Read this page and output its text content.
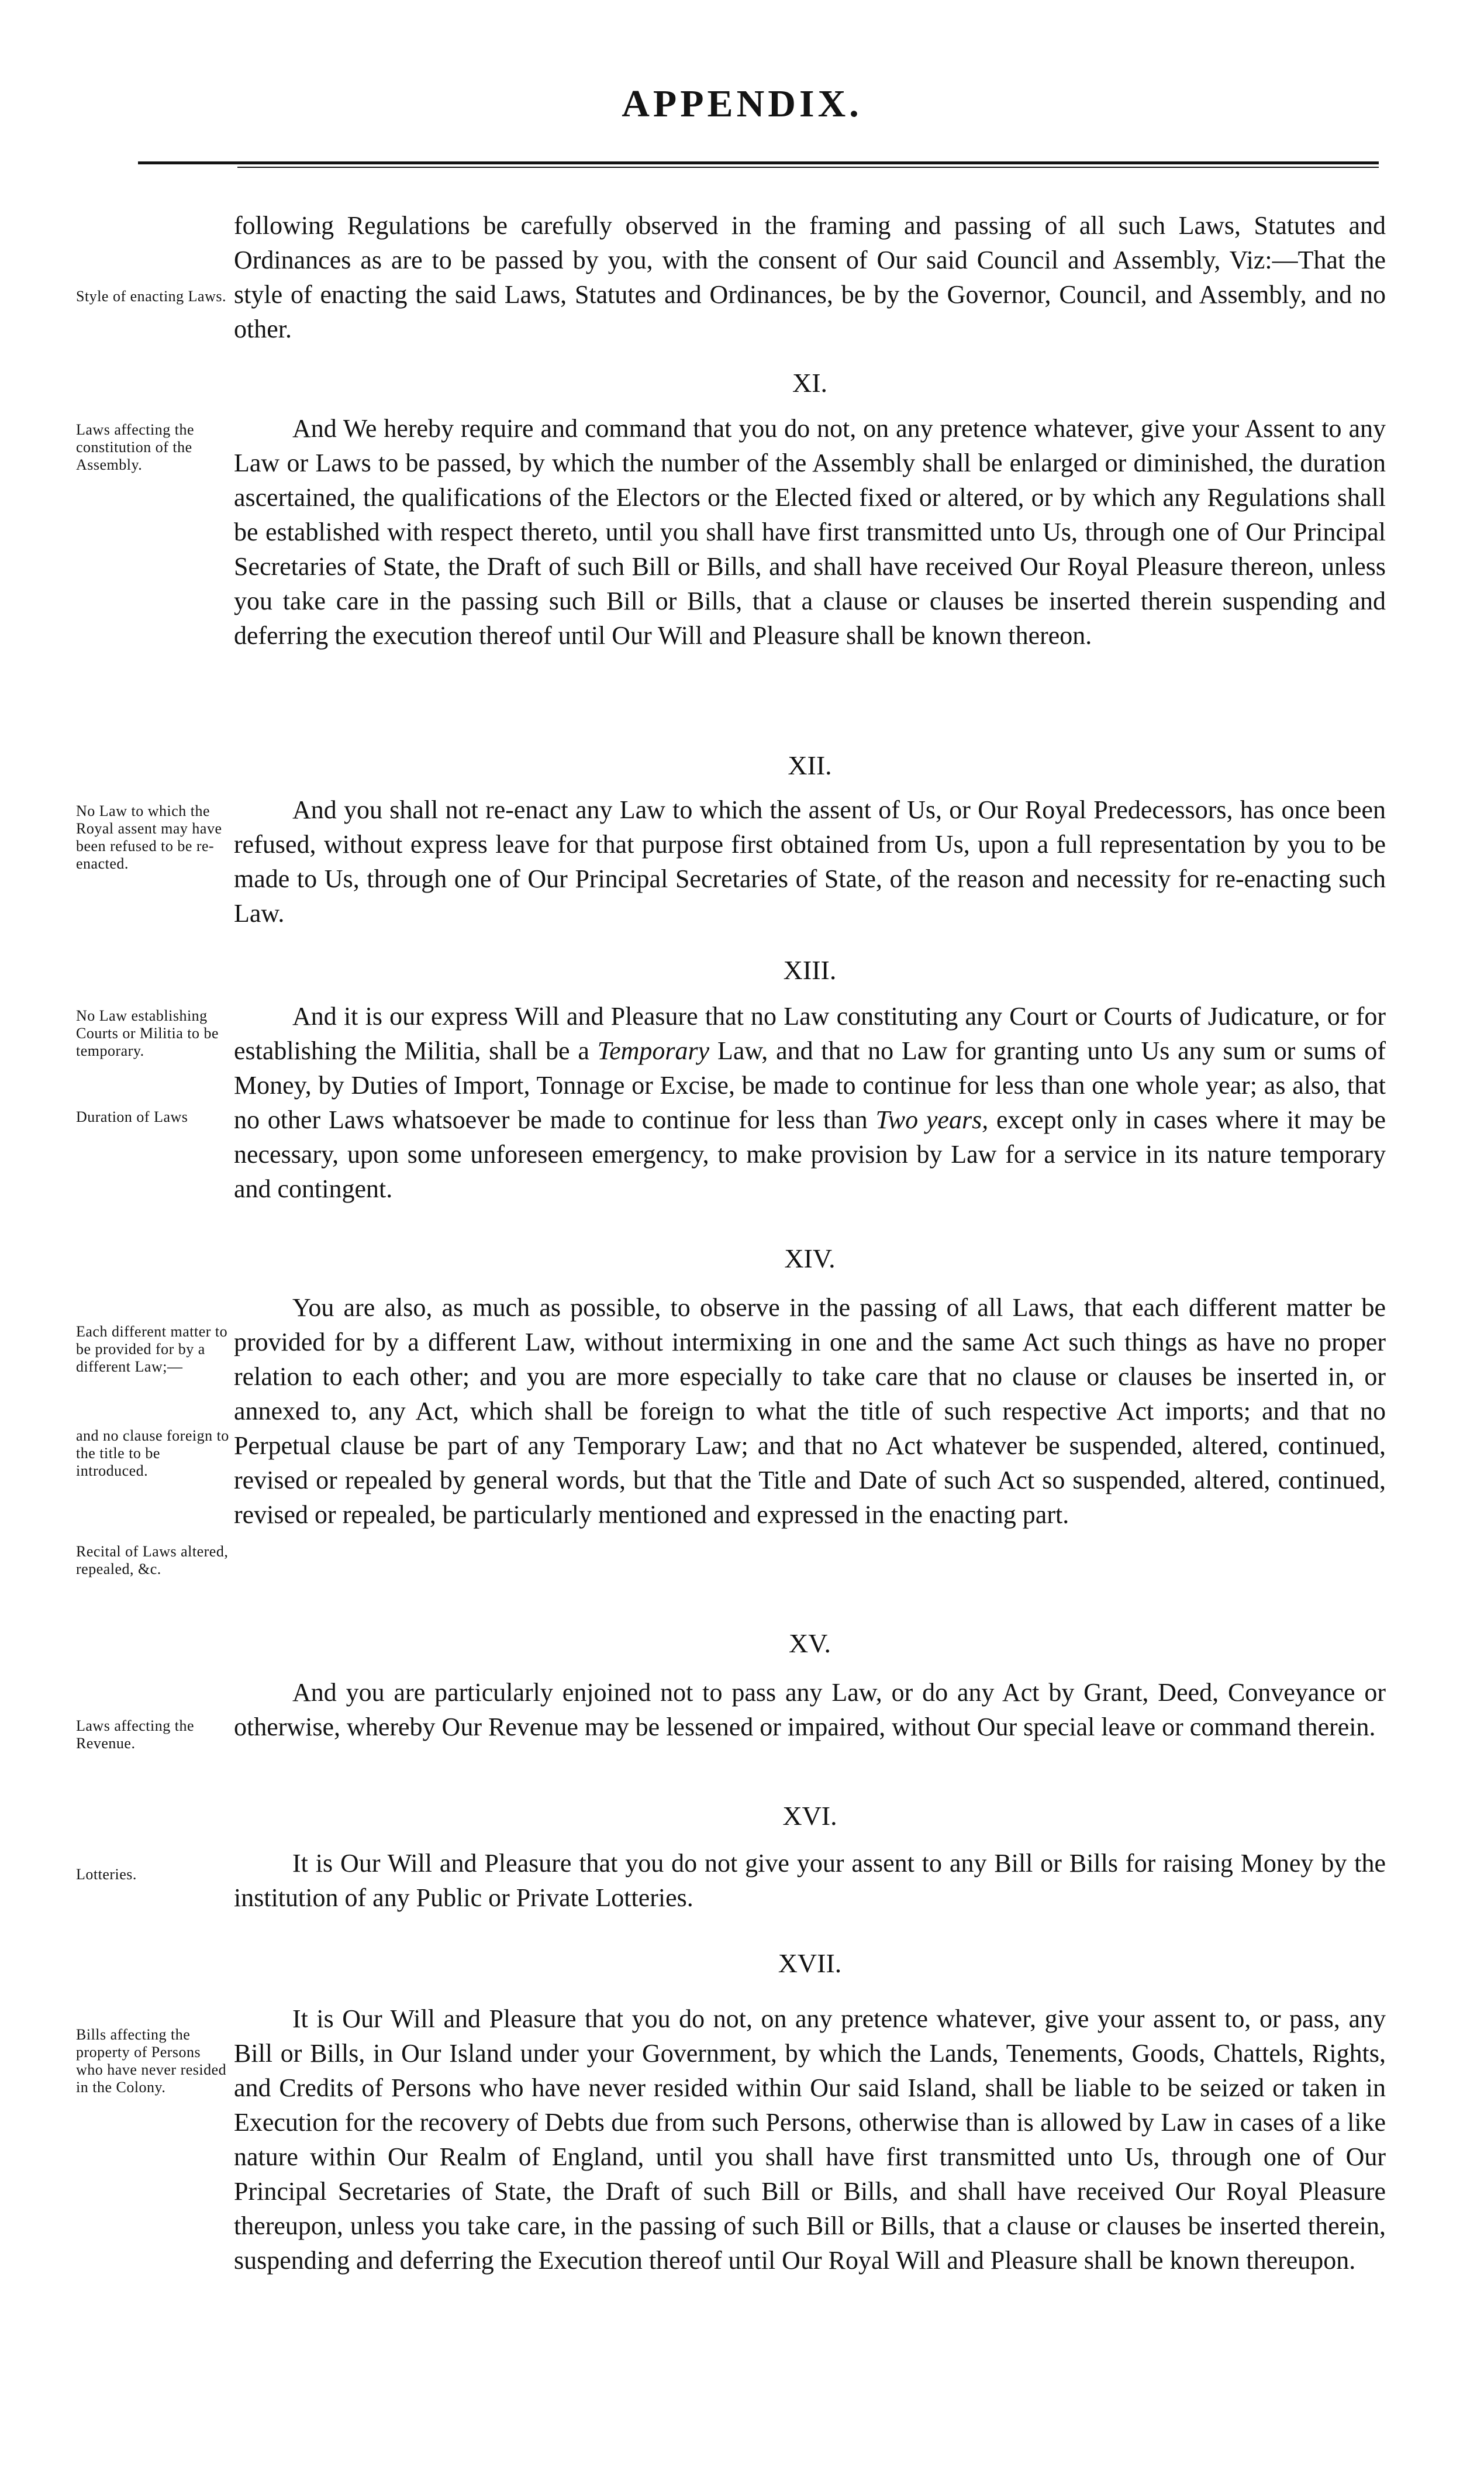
APPENDIX.
following Regulations be carefully observed in the framing and passing of all such Laws, Statutes and Ordinances as are to be passed by you, with the consent of Our said Council and Assembly, Viz:—That the style of enacting the said Laws, Statutes and Ordinances, be by the Governor, Council, and Assembly, and no other.
Style of enacting Laws.
XI.
And We hereby require and command that you do not, on any pretence whatever, give your Assent to any Law or Laws to be passed, by which the number of the Assembly shall be enlarged or diminished, the duration ascertained, the qualifications of the Electors or the Elected fixed or altered, or by which any Regulations shall be established with respect thereto, until you shall have first transmitted unto Us, through one of Our Principal Secretaries of State, the Draft of such Bill or Bills, and shall have received Our Royal Pleasure thereon, unless you take care in the passing such Bill or Bills, that a clause or clauses be inserted therein suspending and deferring the execution thereof until Our Will and Pleasure shall be known thereon.
Laws affecting the constitution of the Assembly.
XII.
And you shall not re-enact any Law to which the assent of Us, or Our Royal Predecessors, has once been refused, without express leave for that purpose first obtained from Us, upon a full representation by you to be made to Us, through one of Our Principal Secretaries of State, of the reason and necessity for re-enacting such Law.
No Law to which the Royal assent may have been refused to be re-enacted.
XIII.
And it is our express Will and Pleasure that no Law constituting any Court or Courts of Judicature, or for establishing the Militia, shall be a Temporary Law, and that no Law for granting unto Us any sum or sums of Money, by Duties of Import, Tonnage or Excise, be made to continue for less than one whole year; as also, that no other Laws whatsoever be made to continue for less than Two years, except only in cases where it may be necessary, upon some unforeseen emergency, to make provision by Law for a service in its nature temporary and contingent.
No Law establishing Courts or Militia to be temporary.
Duration of Laws
XIV.
You are also, as much as possible, to observe in the passing of all Laws, that each different matter be provided for by a different Law, without intermixing in one and the same Act such things as have no proper relation to each other; and you are more especially to take care that no clause or clauses be inserted in, or annexed to, any Act, which shall be foreign to what the title of such respective Act imports; and that no Perpetual clause be part of any Temporary Law; and that no Act whatever be suspended, altered, continued, revised or repealed by general words, but that the Title and Date of such Act so suspended, altered, continued, revised or repealed, be particularly mentioned and expressed in the enacting part.
Each different matter to be provided for by a different Law;—
and no clause foreign to the title to be introduced.
Recital of Laws altered, repealed, &c.
XV.
And you are particularly enjoined not to pass any Law, or do any Act by Grant, Deed, Conveyance or otherwise, whereby Our Revenue may be lessened or impaired, without Our special leave or command therein.
Laws affecting the Revenue.
XVI.
It is Our Will and Pleasure that you do not give your assent to any Bill or Bills for raising Money by the institution of any Public or Private Lotteries.
Lotteries.
XVII.
It is Our Will and Pleasure that you do not, on any pretence whatever, give your assent to, or pass, any Bill or Bills, in Our Island under your Government, by which the Lands, Tenements, Goods, Chattels, Rights, and Credits of Persons who have never resided within Our said Island, shall be liable to be seized or taken in Execution for the recovery of Debts due from such Persons, otherwise than is allowed by Law in cases of a like nature within Our Realm of England, until you shall have first transmitted unto Us, through one of Our Principal Secretaries of State, the Draft of such Bill or Bills, and shall have received Our Royal Pleasure thereupon, unless you take care, in the passing of such Bill or Bills, that a clause or clauses be inserted therein, suspending and deferring the Execution thereof until Our Royal Will and Pleasure shall be known thereupon.
Bills affecting the property of Persons who have never resided in the Colony.
